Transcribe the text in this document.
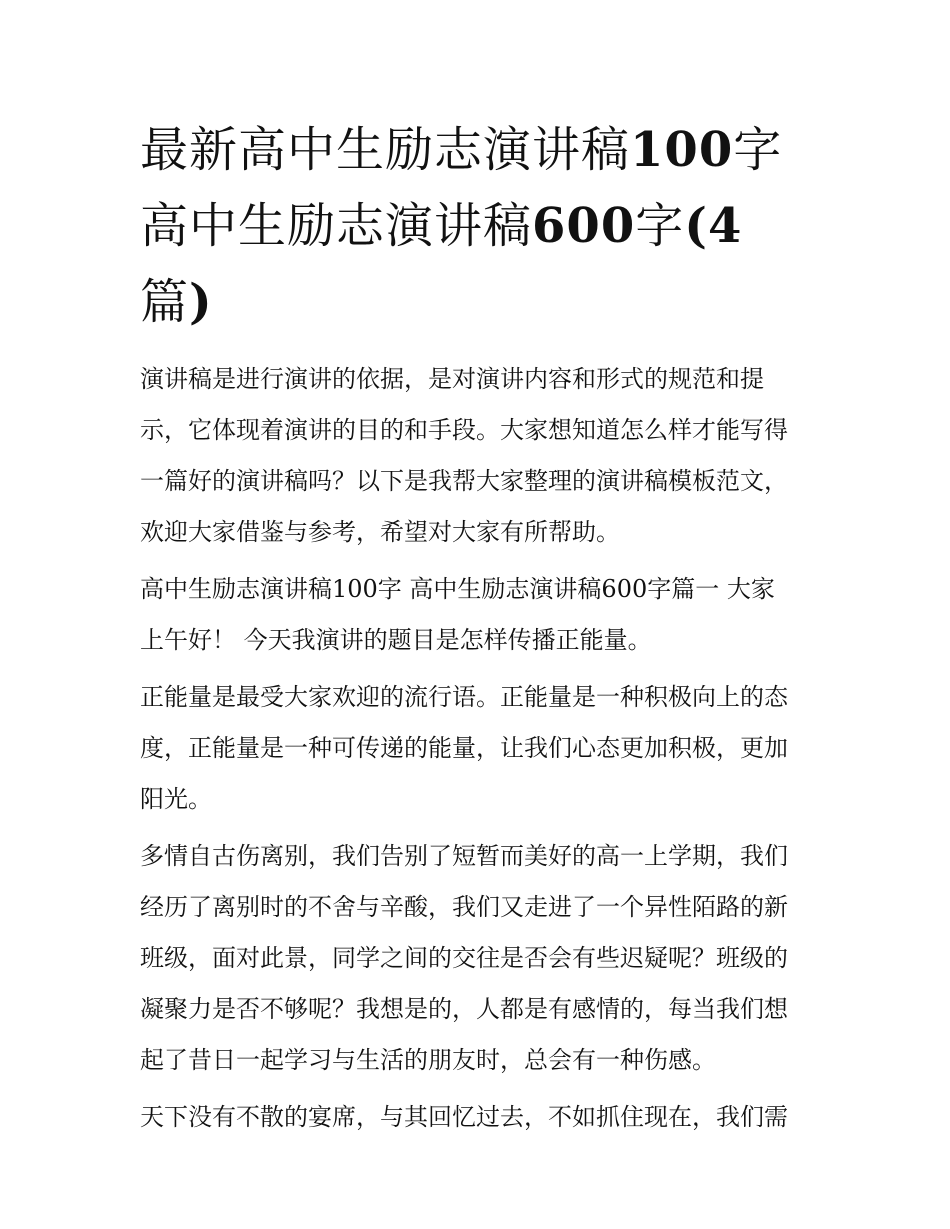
最新高中生励志演讲稿100字
高中生励志演讲稿600字(4
篇)

演讲稿是进行演讲的依据，是对演讲内容和形式的规范和提
示，它体现着演讲的目的和手段。大家想知道怎么样才能写得
一篇好的演讲稿吗？以下是我帮大家整理的演讲稿模板范文，
欢迎大家借鉴与参考，希望对大家有所帮助。

高中生励志演讲稿100字 高中生励志演讲稿600字篇一 大家
上午好！ 今天我演讲的题目是怎样传播正能量。

正能量是最受大家欢迎的流行语。正能量是一种积极向上的态
度，正能量是一种可传递的能量，让我们心态更加积极，更加
阳光。

多情自古伤离别，我们告别了短暂而美好的高一上学期，我们
经历了离别时的不舍与辛酸，我们又走进了一个异性陌路的新
班级，面对此景，同学之间的交往是否会有些迟疑呢？班级的
凝聚力是否不够呢？我想是的，人都是有感情的，每当我们想
起了昔日一起学习与生活的朋友时，总会有一种伤感。

天下没有不散的宴席，与其回忆过去，不如抓住现在，我们需
